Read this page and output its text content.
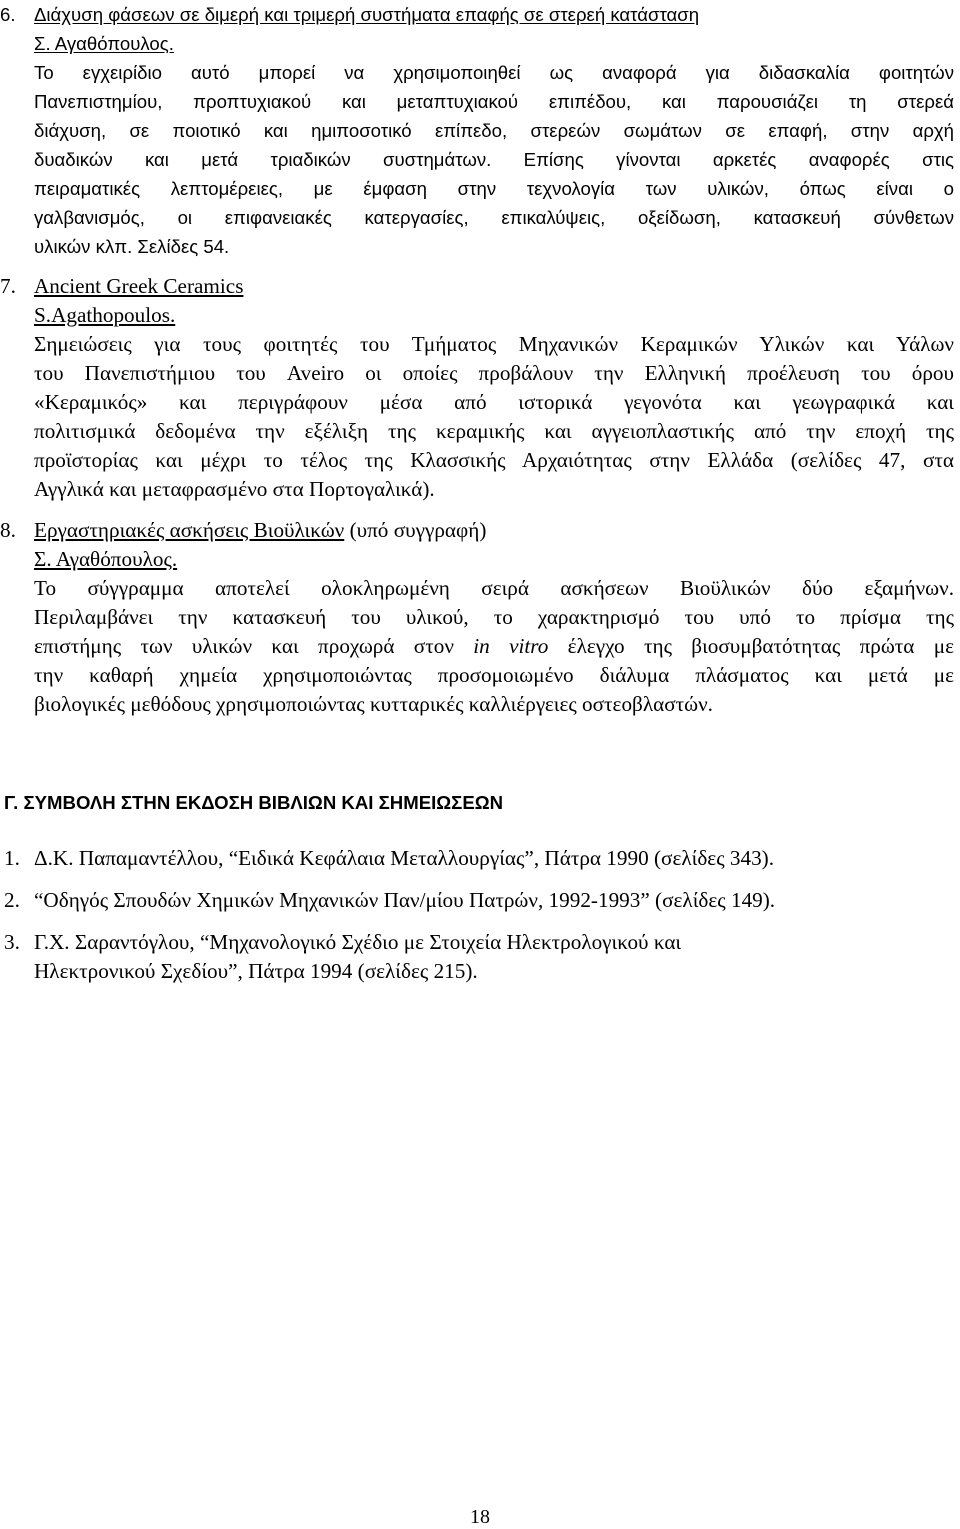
6. Διάχυση φάσεων σε διμερή και τριμερή συστήματα επαφής σε στερεή κατάσταση
Σ. Αγαθόπουλος.
Το εγχειρίδιο αυτό μπορεί να χρησιμοποιηθεί ως αναφορά για διδασκαλία φοιτητών
Πανεπιστημίου, προπτυχιακού και μεταπτυχιακού επιπέδου, και παρουσιάζει τη στερεά
διάχυση, σε ποιοτικό και ημιποσοτικό επίπεδο, στερεών σωμάτων σε επαφή, στην αρχή
δυαδικών και μετά τριαδικών συστημάτων. Επίσης γίνονται αρκετές αναφορές στις
πειραματικές λεπτομέρειες, με έμφαση στην τεχνολογία των υλικών, όπως είναι ο
γαλβανισμός, οι επιφανειακές κατεργασίες, επικαλύψεις, οξείδωση, κατασκευή σύνθετων
υλικών κλπ. Σελίδες 54.
7. Ancient Greek Ceramics
S.Agathopoulos.
Σημειώσεις για τους φοιτητές του Τμήματος Μηχανικών Κεραμικών Υλικών και Υάλων
του Πανεπιστήμιου του Aveiro οι οποίες προβάλουν την Ελληνική προέλευση του όρου
«Κεραμικός» και περιγράφουν μέσα από ιστορικά γεγονότα και γεωγραφικά και
πολιτισμικά δεδομένα την εξέλιξη της κεραμικής και αγγειοπλαστικής από την εποχή της
προϊστορίας και μέχρι το τέλος της Κλασσικής Αρχαιότητας στην Ελλάδα (σελίδες 47, στα
Αγγλικά και μεταφρασμένο στα Πορτογαλικά).
8. Εργαστηριακές ασκήσεις Βιοϋλικών (υπό συγγραφή)
Σ. Αγαθόπουλος.
Το σύγγραμμα αποτελεί ολοκληρωμένη σειρά ασκήσεων Βιοϋλικών δύο εξαμήνων.
Περιλαμβάνει την κατασκευή του υλικού, το χαρακτηρισμό του υπό το πρίσμα της
επιστήμης των υλικών και προχωρά στον in vitro έλεγχο της βιοσυμβατότητας πρώτα με
την καθαρή χημεία χρησιμοποιώντας προσομοιωμένο διάλυμα πλάσματος και μετά με
βιολογικές μεθόδους χρησιμοποιώντας κυτταρικές καλλιέργειες οστεοβλαστών.
Γ. ΣΥΜΒΟΛΗ ΣΤΗΝ ΕΚΔΟΣΗ ΒΙΒΛΙΩΝ ΚΑΙ ΣΗΜΕΙΩΣΕΩΝ
1. Δ.Κ. Παπαμαντέλλου, “Ειδικά Κεφάλαια Μεταλλουργίας”, Πάτρα 1990 (σελίδες 343).
2. “Οδηγός Σπουδών Χημικών Μηχανικών Παν/μίου Πατρών, 1992-1993” (σελίδες 149).
3. Γ.Χ. Σαραντόγλου, “Μηχανολογικό Σχέδιο με Στοιχεία Ηλεκτρολογικού και
Ηλεκτρονικού Σχεδίου”, Πάτρα 1994 (σελίδες 215).
18
